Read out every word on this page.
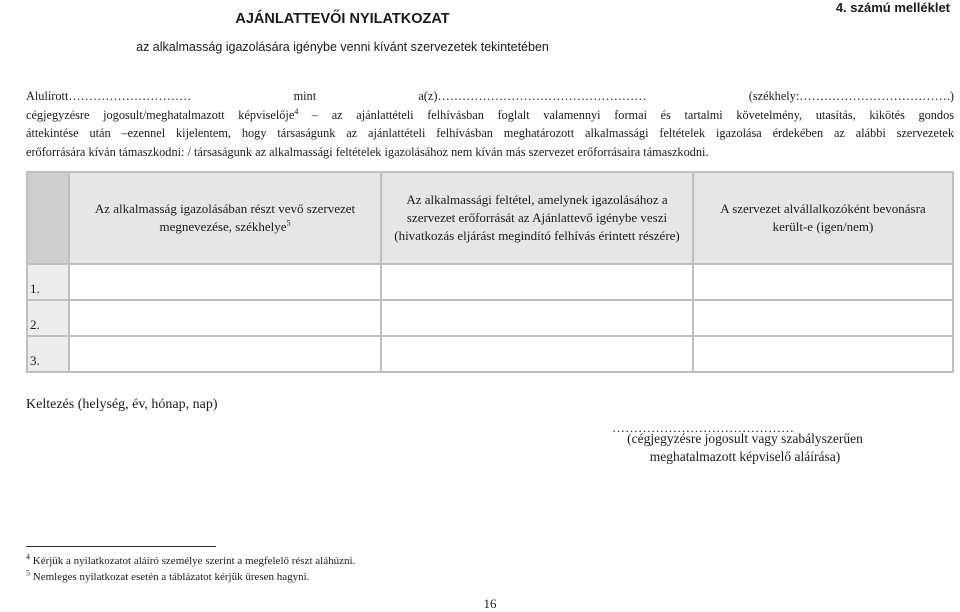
AJÁNLATTEVŐI NYILATKOZAT
4. számú melléklet
az alkalmasság igazolására igénybe venni kívánt szervezetek tekintetében
Alulírott…………………………	mint	a(z)……………………………………………	(székhely:……………………………….)
cégjegyzésre jogosult/meghatalmazott képviselője$^4$ – az ajánlattételi felhívásban foglalt valamennyi formai és tartalmi követelmény, utasítás, kikötés gondos
áttekintése után –ezennel kijelentem, hogy társaságunk az ajánlattételi felhívásban meghatározott alkalmassági feltételek igazolása érdekében az alábbi szervezetek
erőforrására kíván támaszkodni: / társaságunk az alkalmassági feltételek igazolásához nem kíván más szervezet erőforrásaira támaszkodni.
	Az alkalmasság igazolásában részt vevő szervezet megnevezése, székhelye$^5$	Az alkalmassági feltétel, amelynek igazolásához a szervezet erőforrását az Ajánlattevő igénybe veszi (hivatkozás eljárást megindító felhívás érintett részére)	A szervezet alvállalkozóként bevonásra került-e (igen/nem)
1.			
2.			
3.			
Keltezés (helység, év, hónap, nap)
……………………………………
(cégjegyzésre jogosult vagy szabályszerűen
meghatalmazott képviselő aláírása)
$^4$ Kérjük a nyilatkozatot aláíró személye szerint a megfelelő részt aláhúzni.
$^5$ Nemleges nyilatkozat esetén a táblázatot kérjük üresen hagyni.
16
